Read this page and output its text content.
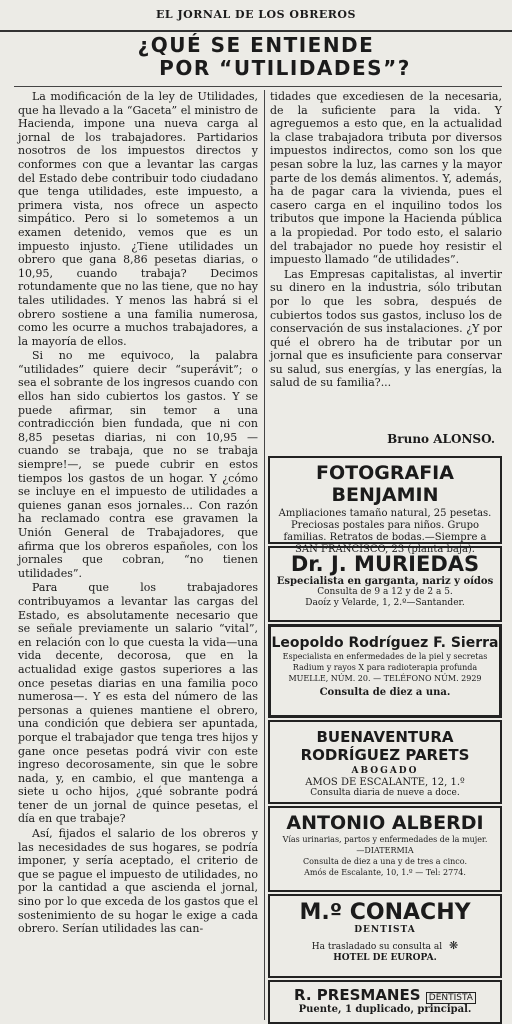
EL JORNAL DE LOS OBREROS
¿QUÉ SE ENTIENDE
POR “UTILIDADES”?

La modificación de la ley de Utilidades, que ha llevado a la “Gaceta” el ministro de Hacienda, impone una nueva carga al jornal de los trabajadores. Partidarios nosotros de los impuestos directos y conformes con que a levantar las cargas del Estado debe contribuir todo ciudadano que tenga utilidades, este impuesto, a primera vista, nos ofrece un aspecto simpático. Pero si lo sometemos a un examen detenido, vemos que es un impuesto injusto. ¿Tiene utilidades un obrero que gana 8,86 pesetas diarias, o 10,95, cuando trabaja? Decimos rotundamente que no las tiene, que no hay tales utilidades. Y menos las habrá si el obrero sostiene a una familia numerosa, como les ocurre a muchos trabajadores, a la mayoría de ellos.

Si no me equivoco, la palabra “utilidades” quiere decir “superávit”; o sea el sobrante de los ingresos cuando con ellos han sido cubiertos los gastos. Y se puede afirmar, sin temor a una contradicción bien fundada, que ni con 8,85 pesetas diarias, ni con 10,95 —cuando se trabaja, que no se trabaja siempre!—, se puede cubrir en estos tiempos los gastos de un hogar. Y ¿cómo se incluye en el impuesto de utilidades a quienes ganan esos jornales... Con razón ha reclamado contra ese gravamen la Unión General de Trabajadores, que afirma que los obreros españoles, con los jornales que cobran, “no tienen utilidades”.

Para que los trabajadores contribuyamos a levantar las cargas del Estado, es absolutamente necesario que se señale previamente un salario “vital”, en relación con lo que cuesta la vida—una vida decente, decorosa, que en la actualidad exige gastos superiores a las once pesetas diarias en una familia poco numerosa—. Y es esta del número de las personas a quienes mantiene el obrero, una condición que debiera ser apuntada, porque el trabajador que tenga tres hijos y gane once pesetas podrá vivir con este ingreso decorosamente, sin que le sobre nada, y, en cambio, el que mantenga a siete u ocho hijos, ¿qué sobrante podrá tener de un jornal de quince pesetas, el día en que trabaje?

Así, fijados el salario de los obreros y las necesidades de sus hogares, se podría imponer, y sería aceptado, el criterio de que se pague el impuesto de utilidades, no por la cantidad a que ascienda el jornal, sino por lo que exceda de los gastos que el sostenimiento de su hogar le exige a cada obrero. Serían utilidades las can-

tidades que excediesen de la necesaria, de la suficiente para la vida. Y agreguemos a esto que, en la actualidad la clase trabajadora tributa por diversos impuestos indirectos, como son los que pesan sobre la luz, las carnes y la mayor parte de los demás alimentos. Y, además, ha de pagar cara la vivienda, pues el casero carga en el inquilino todos los tributos que impone la Hacienda pública a la propiedad. Por todo esto, el salario del trabajador no puede hoy resistir el impuesto llamado “de utilidades”.

Las Empresas capitalistas, al invertir su dinero en la industria, sólo tributan por lo que les sobra, después de cubiertos todos sus gastos, incluso los de conservación de sus instalaciones. ¿Y por qué el obrero ha de tributar por un jornal que es insuficiente para conservar su salud, sus energías, y las energías, la salud de su familia?...

Bruno ALONSO.
FOTOGRAFIA BENJAMIN
Ampliaciones tamaño natural, 25 pesetas. Preciosas postales para niños. Grupo familias. Retratos de bodas.—Siempre a SAN FRANCISCO, 23 (planta baja).
Dr. J. MURIEDAS
Especialista en garganta, nariz y oídos
Consulta de 9 a 12 y de 2 a 5.
Daoíz y Velarde, 1, 2.º—Santander.
Leopoldo Rodríguez F. Sierra
Especialista en enfermedades de la piel y secretas
Radium y rayos X para radioterapia profunda
MUELLE, NÚM. 20. — TELÉFONO NÚM. 2929
Consulta de diez a una.
BUENAVENTURA RODRÍGUEZ PARETS
ABOGADO
AMOS DE ESCALANTE, 12, 1.º
Consulta diaria de nueve a doce.
ANTONIO ALBERDI
Vías urinarias, partos y enfermedades de la mujer.—DIATERMIA
Consulta de diez a una y de tres a cinco.
Amós de Escalante, 10, 1.º — Tel: 2774.
M.º CONACHY
DENTISTA
Ha trasladado su consulta al ❋
HOTEL DE EUROPA.
R. PRESMANES DENTISTA
Puente, 1 duplicado, principal.
